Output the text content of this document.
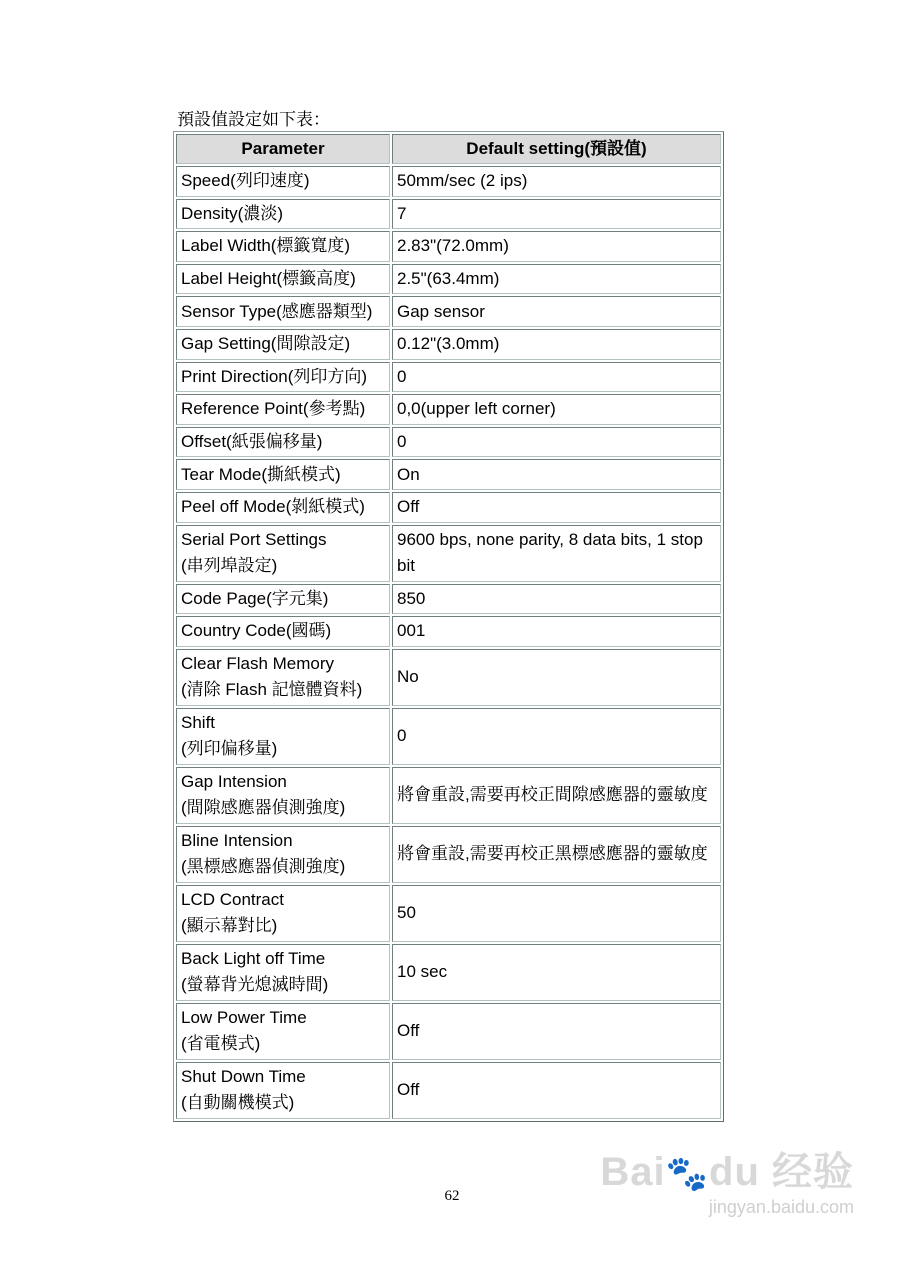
預設值設定如下表：
Parameter	Default setting(預設值)
Speed(列印速度)	50mm/sec (2 ips)
Density(濃淡)	7
Label Width(標籤寬度)	2.83"(72.0mm)
Label Height(標籤高度)	2.5"(63.4mm)
Sensor Type(感應器類型)	Gap sensor
Gap Setting(間隙設定)	0.12"(3.0mm)
Print Direction(列印方向)	0
Reference Point(參考點)	0,0(upper left corner)
Offset(紙張偏移量)	0
Tear Mode(撕紙模式)	On
Peel off Mode(剝紙模式)	Off
Serial Port Settings
(串列埠設定)	9600 bps, none parity, 8 data bits, 1 stop bit
Code Page(字元集)	850
Country Code(國碼)	001
Clear Flash Memory
(清除 Flash 記憶體資料)	No
Shift
(列印偏移量)	0
Gap Intension
(間隙感應器偵測強度)	將會重設,需要再校正間隙感應器的靈敏度
Bline Intension
(黑標感應器偵測強度)	將會重設,需要再校正黑標感應器的靈敏度
LCD Contract
(顯示幕對比)	50
Back Light off Time
(螢幕背光熄滅時間)	10 sec
Low Power Time
(省電模式)	Off
Shut Down Time
(自動關機模式)	Off
62
Bai🐾du 经验
jingyan.baidu.com
